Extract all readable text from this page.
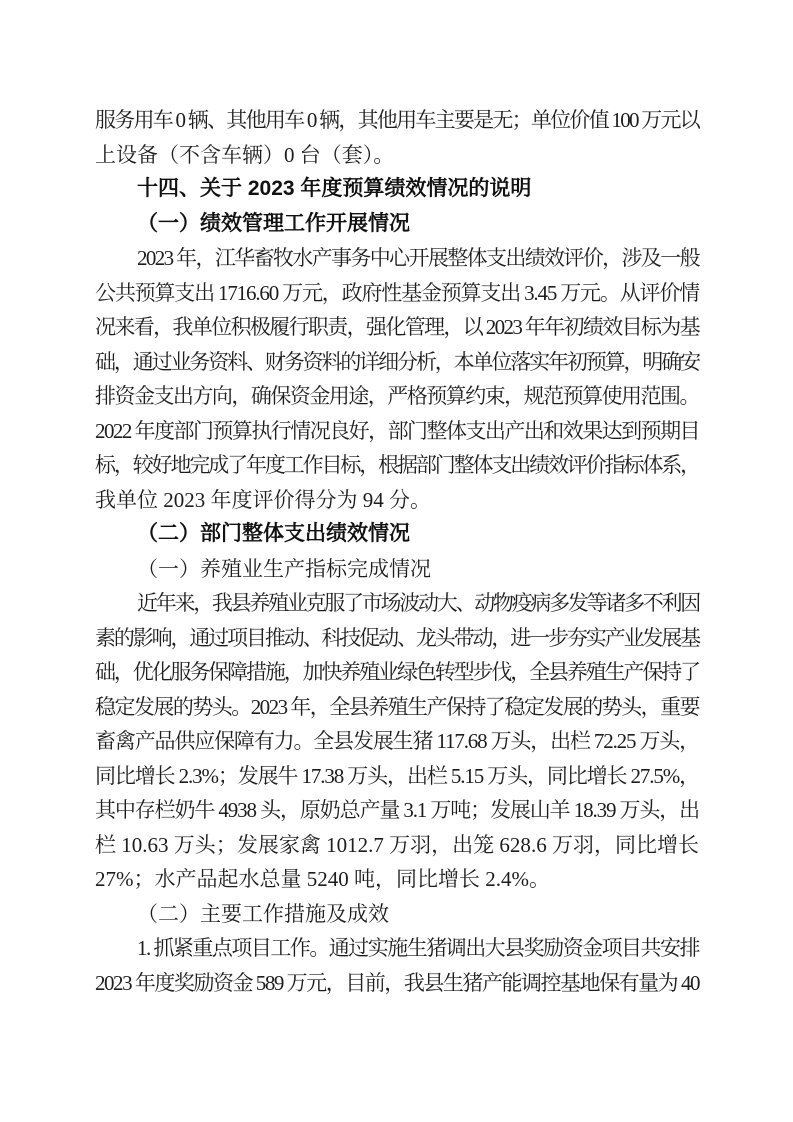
服务用车 0 辆、其他用车 0 辆，其他用车主要是无；单位价值 100 万元以
上设备（不含车辆）0 台（套）。
十四、关于 2023 年度预算绩效情况的说明
（一）绩效管理工作开展情况
2023 年，江华畜牧水产事务中心开展整体支出绩效评价，涉及一般
公共预算支出 1716.60 万元，政府性基金预算支出 3.45 万元。从评价情
况来看，我单位积极履行职责，强化管理，以 2023 年年初绩效目标为基
础，通过业务资料、财务资料的详细分析，本单位落实年初预算，明确安
排资金支出方向，确保资金用途，严格预算约束，规范预算使用范围。
2022 年度部门预算执行情况良好，部门整体支出产出和效果达到预期目
标，较好地完成了年度工作目标，根据部门整体支出绩效评价指标体系，
我单位 2023 年度评价得分为 94 分。
（二）部门整体支出绩效情况
（一）养殖业生产指标完成情况
近年来，我县养殖业克服了市场波动大、动物疫病多发等诸多不利因
素的影响，通过项目推动、科技促动、龙头带动，进一步夯实产业发展基
础，优化服务保障措施，加快养殖业绿色转型步伐，全县养殖生产保持了
稳定发展的势头。2023 年，全县养殖生产保持了稳定发展的势头，重要
畜禽产品供应保障有力。全县发展生猪 117.68 万头，出栏 72.25 万头，
同比增长 2.3%；发展牛 17.38 万头，出栏 5.15 万头，同比增长 27.5%，
其中存栏奶牛 4938 头，原奶总产量 3.1 万吨；发展山羊 18.39 万头，出
栏 10.63 万头；发展家禽 1012.7 万羽，出笼 628.6 万羽，同比增长
27%；水产品起水总量 5240 吨，同比增长 2.4%。
（二）主要工作措施及成效
1. 抓紧重点项目工作。通过实施生猪调出大县奖励资金项目共安排
2023 年度奖励资金 589 万元，目前，我县生猪产能调控基地保有量为 40
